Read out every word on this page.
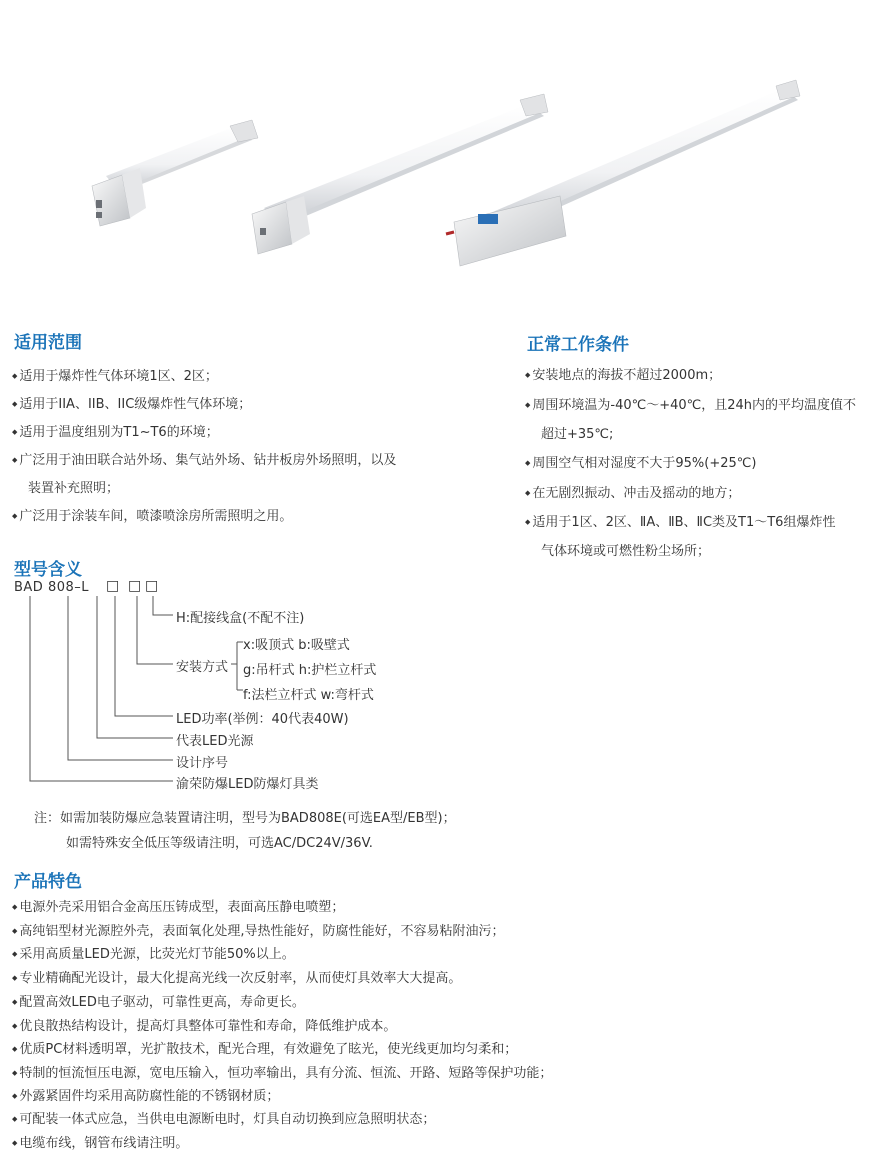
适用范围
◆ 适用于爆炸性气体环境1区、2区；
◆ 适用于IIA、IIB、IIC级爆炸性气体环境；
◆ 适用于温度组别为T1~T6的环境；
◆ 广泛用于油田联合站外场、集气站外场、钻井板房外场照明，以及
装置补充照明；
◆ 广泛用于涂装车间，喷漆喷涂房所需照明之用。
正常工作条件
◆ 安装地点的海拔不超过2000m；
◆ 周围环境温为-40℃～+40℃，且24h内的平均温度值不
超过+35℃;
◆ 周围空气相对湿度不大于95%(+25℃)
◆ 在无剧烈振动、冲击及摇动的地方；
◆ 适用于1区、2区、ⅡA、ⅡB、ⅡC类及T1～T6组爆炸性
气体环境或可燃性粉尘场所；
型号含义
BAD 808–L □ □ □
H:配接线盒(不配不注)
安装方式
x:吸顶式 b:吸壁式
g:吊杆式 h:护栏立杆式
f:法栏立杆式 w:弯杆式
LED功率(举例：40代表40W)
代表LED光源
设计序号
渝荣防爆LED防爆灯具类
注：如需加装防爆应急装置请注明，型号为BAD808E(可选EA型/EB型)；
如需特殊安全低压等级请注明，可选AC/DC24V/36V.
产品特色
◆ 电源外壳采用铝合金高压压铸成型，表面高压静电喷塑；
◆ 高纯铝型材光源腔外壳，表面氧化处理,导热性能好，防腐性能好，不容易粘附油污；
◆ 采用高质量LED光源，比荧光灯节能50%以上。
◆ 专业精确配光设计，最大化提高光线一次反射率，从而使灯具效率大大提高。
◆ 配置高效LED电子驱动，可靠性更高，寿命更长。
◆ 优良散热结构设计，提高灯具整体可靠性和寿命，降低维护成本。
◆ 优质PC材料透明罩，光扩散技术，配光合理，有效避免了眩光，使光线更加均匀柔和；
◆ 特制的恒流恒压电源，宽电压输入，恒功率输出，具有分流、恒流、开路、短路等保护功能；
◆ 外露紧固件均采用高防腐性能的不锈钢材质；
◆ 可配装一体式应急，当供电电源断电时，灯具自动切换到应急照明状态；
◆ 电缆布线，钢管布线请注明。
